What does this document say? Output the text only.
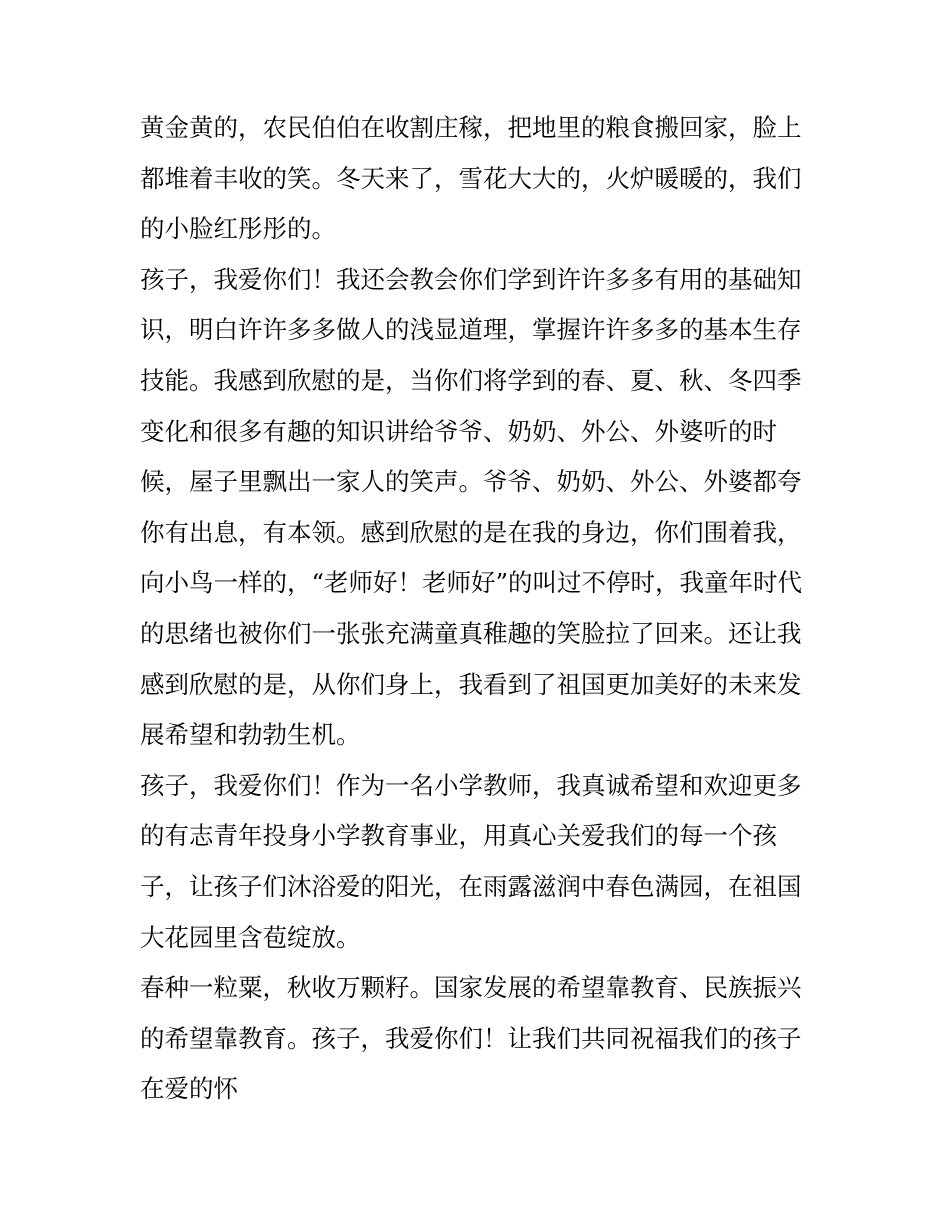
黄金黄的，农民伯伯在收割庄稼，把地里的粮食搬回家，脸上
都堆着丰收的笑。冬天来了，雪花大大的，火炉暖暖的，我们
的小脸红彤彤的。
孩子，我爱你们！我还会教会你们学到许许多多有用的基础知
识，明白许许多多做人的浅显道理，掌握许许多多的基本生存
技能。我感到欣慰的是，当你们将学到的春、夏、秋、冬四季
变化和很多有趣的知识讲给爷爷、奶奶、外公、外婆听的时
候，屋子里飘出一家人的笑声。爷爷、奶奶、外公、外婆都夸
你有出息，有本领。感到欣慰的是在我的身边，你们围着我，
向小鸟一样的，“老师好！老师好”的叫过不停时，我童年时代
的思绪也被你们一张张充满童真稚趣的笑脸拉了回来。还让我
感到欣慰的是，从你们身上，我看到了祖国更加美好的未来发
展希望和勃勃生机。
孩子，我爱你们！作为一名小学教师，我真诚希望和欢迎更多
的有志青年投身小学教育事业，用真心关爱我们的每一个孩
子，让孩子们沐浴爱的阳光，在雨露滋润中春色满园，在祖国
大花园里含苞绽放。
春种一粒粟，秋收万颗籽。国家发展的希望靠教育、民族振兴
的希望靠教育。孩子，我爱你们！让我们共同祝福我们的孩子
在爱的怀
